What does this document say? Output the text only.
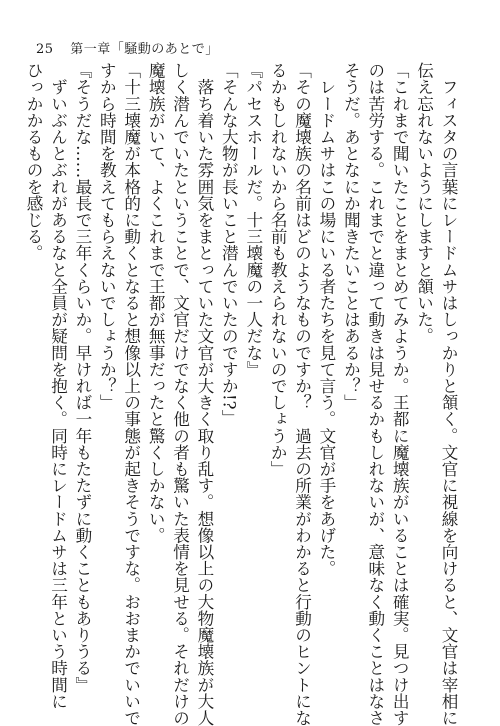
25 第一章「騒動のあとで」

　フィスタの言葉にレードムサはしっかりと頷く。文官に視線を向けると、文官は宰相に

伝え忘れないようにしますと頷いた。

「これまで聞いたことをまとめてみようか。王都に魔壊族がいることは確実。見つけ出す

のは苦労する。これまでと違って動きは見せるかもしれないが、意味なく動くことはなさ

そうだ。あとなにか聞きたいことはあるか？」

　レードムサはこの場にいる者たちを見て言う。文官が手をあげた。

「その魔壊族の名前はどのようなものですか？　過去の所業がわかると行動のヒントにな

るかもしれないから名前も教えられないのでしょうか」

『パセスホールだ。十三壊魔の一人だな』

「そんな大物が長いこと潜んでいたのですか!?」

　落ち着いた雰囲気をまとっていた文官が大きく取り乱す。想像以上の大物魔壊族が大人

しく潜んでいたということで、文官だけでなく他の者も驚いた表情を見せる。それだけの

魔壊族がいて、よくこれまで王都が無事だったと驚くしかない。

「十三壊魔が本格的に動くとなると想像以上の事態が起きそうですな。おおまかでいいで

すから時間を教えてもらえないでしょうか？」

『そうだな……最長で三年くらいか。早ければ一年もたたずに動くこともありうる』

　ずいぶんとぶれがあるなと全員が疑問を抱く。同時にレードムサは三年という時間に

ひっかかるものを感じる。
